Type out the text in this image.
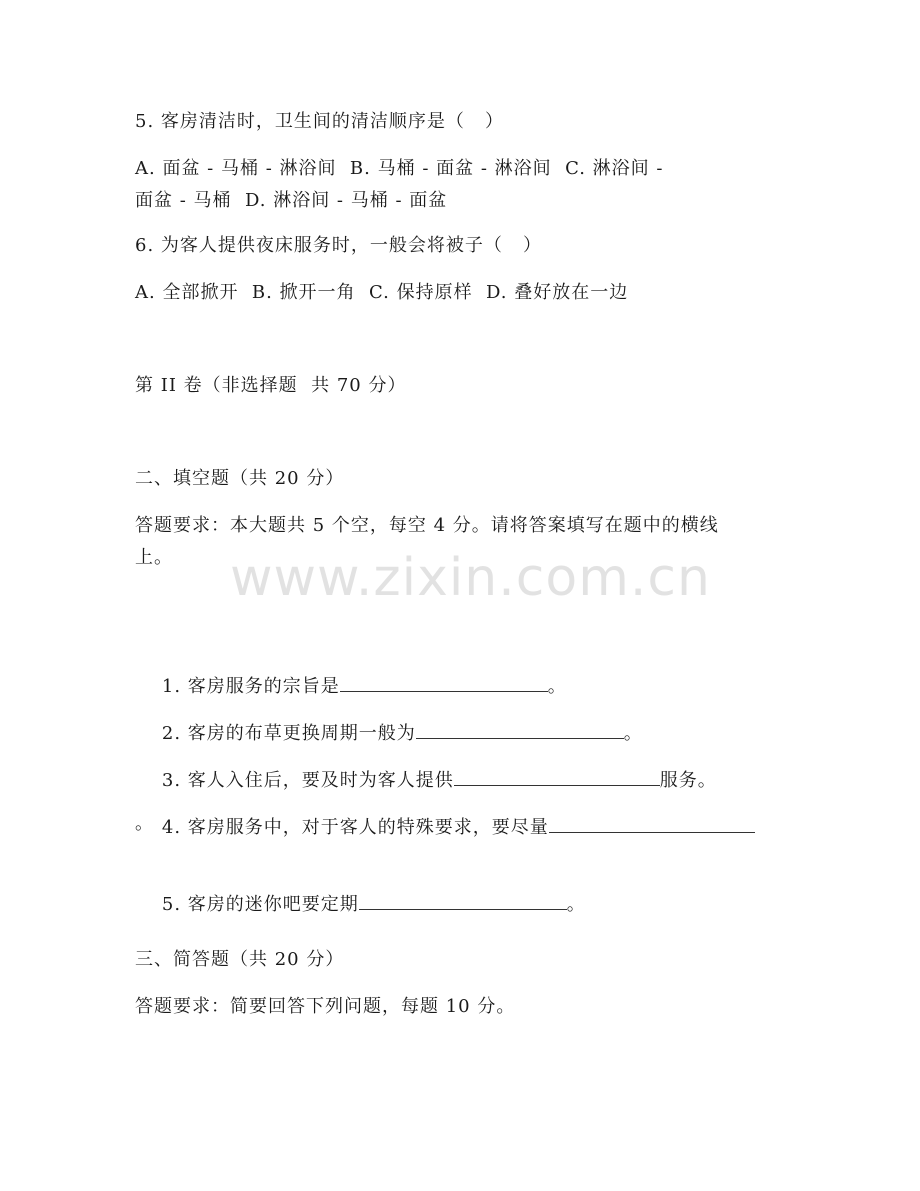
5. 客房清洁时，卫生间的清洁顺序是（   ）
A. 面盆 - 马桶 - 淋浴间  B. 马桶 - 面盆 - 淋浴间  C. 淋浴间 -
面盆 - 马桶  D. 淋浴间 - 马桶 - 面盆
6. 为客人提供夜床服务时，一般会将被子（   ）
A. 全部掀开  B. 掀开一角  C. 保持原样  D. 叠好放在一边
第 II 卷（非选择题  共 70 分）
二、填空题（共 20 分）
答题要求：本大题共 5 个空，每空 4 分。请将答案填写在题中的横线
上。

1. 客房服务的宗旨是	。

2. 客房的布草更换周期一般为	。

3. 客人入住后，要及时为客人提供	服务。

4. 客房服务中，对于客人的特殊要求，要尽量

。

5. 客房的迷你吧要定期	。

三、简答题（共 20 分）
答题要求：简要回答下列问题，每题 10 分。
www.zixin.com.cn
